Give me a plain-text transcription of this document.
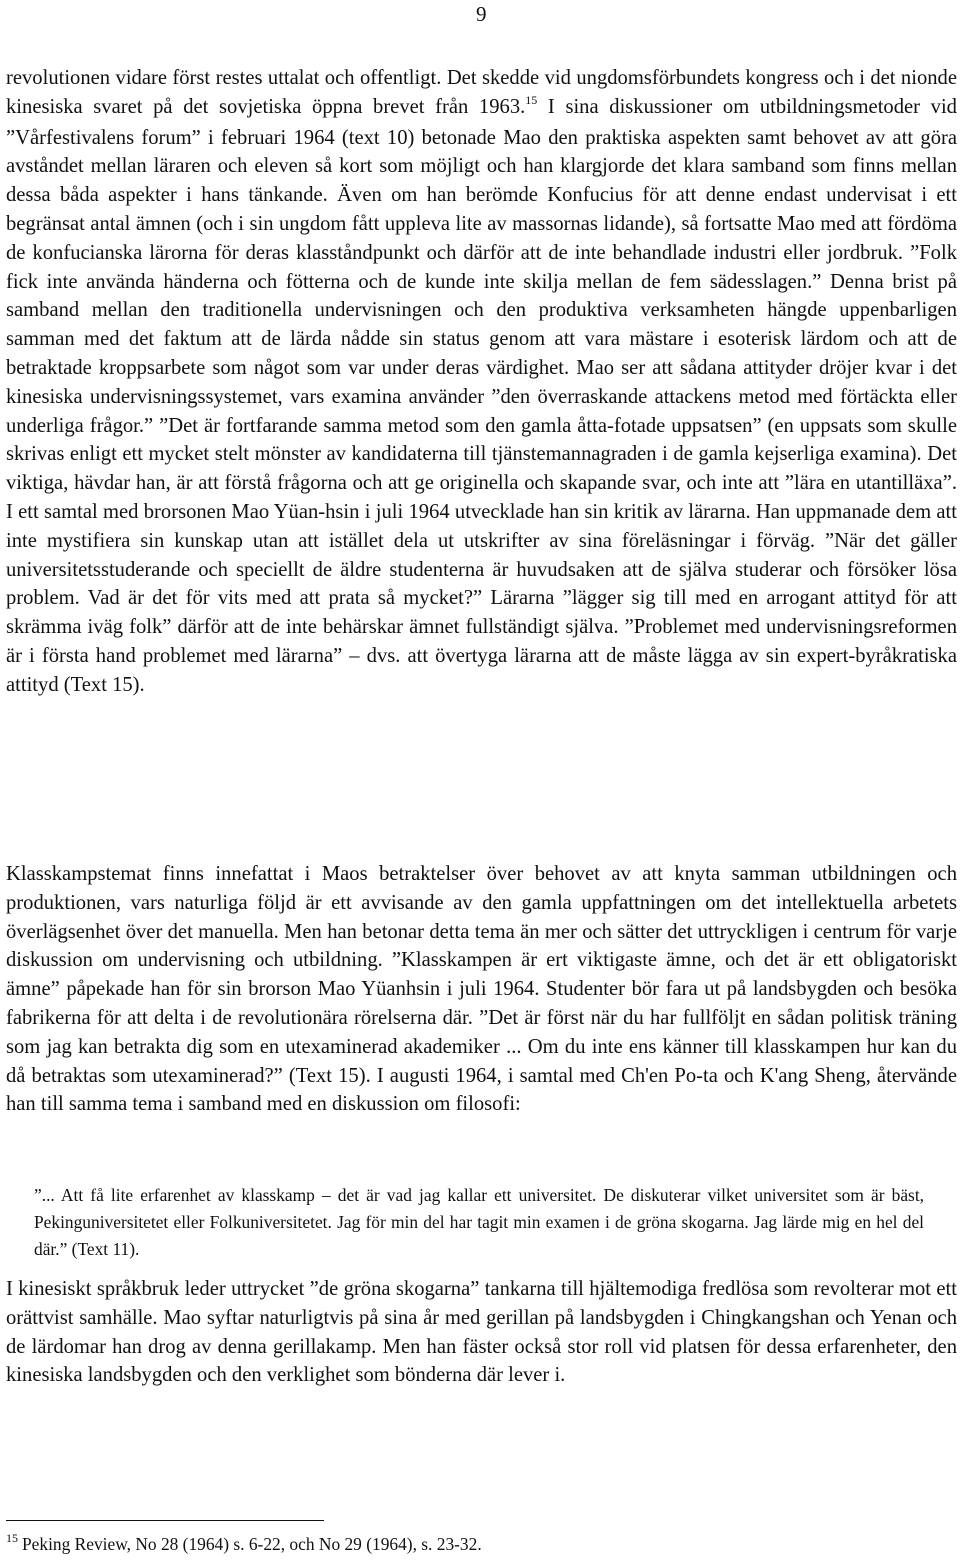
9

revolutionen vidare först restes uttalat och offentligt. Det skedde vid ungdomsförbundets kongress och i det nionde kinesiska svaret på det sovjetiska öppna brevet från 1963.15 I sina diskussioner om utbildningsmetoder vid ”Vårfestivalens forum” i februari 1964 (text 10) betonade Mao den praktiska aspekten samt behovet av att göra avståndet mellan läraren och eleven så kort som möjligt och han klargjorde det klara samband som finns mellan dessa båda aspekter i hans tänkande. Även om han berömde Konfucius för att denne endast undervisat i ett begränsat antal ämnen (och i sin ungdom fått uppleva lite av massornas lidande), så fortsatte Mao med att fördöma de konfucianska lärorna för deras klasståndpunkt och därför att de inte behandlade industri eller jordbruk. ”Folk fick inte använda händerna och fötterna och de kunde inte skilja mellan de fem sädesslagen.” Denna brist på samband mellan den traditionella undervisningen och den produktiva verksamheten hängde uppenbarligen samman med det faktum att de lärda nådde sin status genom att vara mästare i esoterisk lärdom och att de betraktade kroppsarbete som något som var under deras värdighet. Mao ser att sådana attityder dröjer kvar i det kinesiska undervisningssystemet, vars examina använder ”den överraskande attackens metod med förtäckta eller underliga frågor.” ”Det är fortfarande samma metod som den gamla åtta-fotade uppsatsen” (en uppsats som skulle skrivas enligt ett mycket stelt mönster av kandidaterna till tjänstemannagraden i de gamla kejserliga examina). Det viktiga, hävdar han, är att förstå frågorna och att ge originella och skapande svar, och inte att ”lära en utantilläxa”. I ett samtal med brorsonen Mao Yüan-hsin i juli 1964 utvecklade han sin kritik av lärarna. Han uppmanade dem att inte mystifiera sin kunskap utan att istället dela ut utskrifter av sina föreläsningar i förväg. ”När det gäller universitetsstuderande och speciellt de äldre studenterna är huvudsaken att de själva studerar och försöker lösa problem. Vad är det för vits med att prata så mycket?” Lärarna ”lägger sig till med en arrogant attityd för att skrämma iväg folk” därför att de inte behärskar ämnet fullständigt själva. ”Problemet med undervisningsreformen är i första hand problemet med lärarna” – dvs. att övertyga lärarna att de måste lägga av sin expert-byråkratiska attityd (Text 15).

Klasskampstemat finns innefattat i Maos betraktelser över behovet av att knyta samman utbildningen och produktionen, vars naturliga följd är ett avvisande av den gamla uppfattningen om det intellektuella arbetets överlägsenhet över det manuella. Men han betonar detta tema än mer och sätter det uttryckligen i centrum för varje diskussion om undervisning och utbildning. ”Klasskampen är ert viktigaste ämne, och det är ett obligatoriskt ämne” påpekade han för sin brorson Mao Yüanhsin i juli 1964. Studenter bör fara ut på landsbygden och besöka fabrikerna för att delta i de revolutionära rörelserna där. ”Det är först när du har fullföljt en sådan politisk träning som jag kan betrakta dig som en utexaminerad akademiker ... Om du inte ens känner till klasskampen hur kan du då betraktas som utexaminerad?” (Text 15). I augusti 1964, i samtal med Ch'en Po-ta och K'ang Sheng, återvände han till samma tema i samband med en diskussion om filosofi:

”... Att få lite erfarenhet av klasskamp – det är vad jag kallar ett universitet. De diskuterar vilket universitet som är bäst, Pekinguniversitetet eller Folkuniversitetet. Jag för min del har tagit min examen i de gröna skogarna. Jag lärde mig en hel del där.” (Text 11).

I kinesiskt språkbruk leder uttrycket ”de gröna skogarna” tankarna till hjältemodiga fredlösa som revolterar mot ett orättvist samhälle. Mao syftar naturligtvis på sina år med gerillan på landsbygden i Chingkangshan och Yenan och de lärdomar han drog av denna gerillakamp. Men han fäster också stor roll vid platsen för dessa erfarenheter, den kinesiska landsbygden och den verklighet som bönderna där lever i.

$^{15}$ Peking Review, No 28 (1964) s. 6-22, och No 29 (1964), s. 23-32.
